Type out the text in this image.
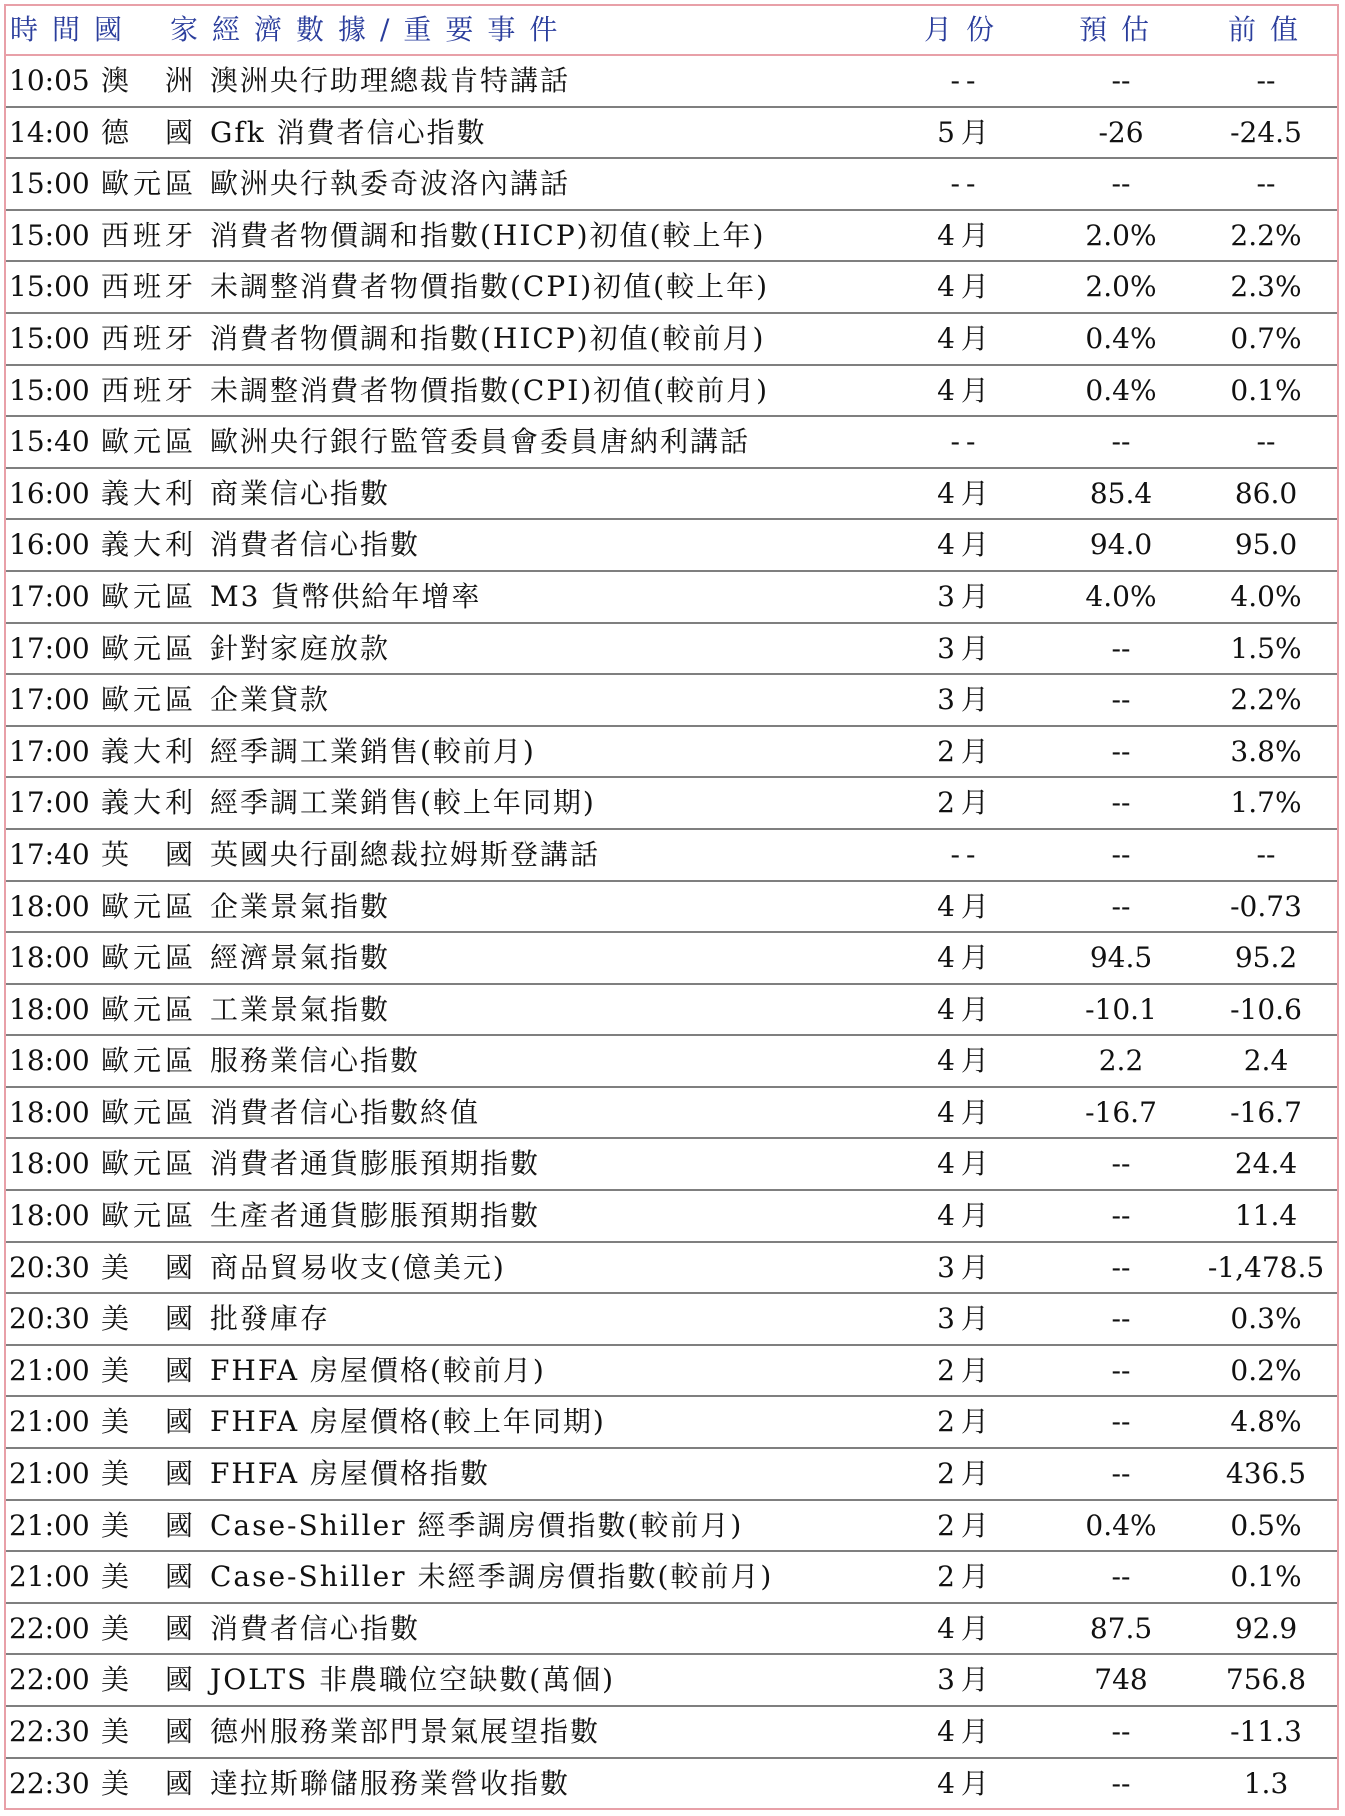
時間國 家經濟數據/重要事件	月份	預估 前值
10:05 澳　洲 澳洲央行助理總裁肯特講話	--	--	--
14:00 德　國 Gfk 消費者信心指數	5月	-26	-24.5
15:00 歐元區 歐洲央行執委奇波洛內講話	--	--	--
15:00 西班牙 消費者物價調和指數(HICP)初值(較上年)	4月	2.0%	2.2%
15:00 西班牙 未調整消費者物價指數(CPI)初值(較上年)	4月	2.0%	2.3%
15:00 西班牙 消費者物價調和指數(HICP)初值(較前月)	4月	0.4%	0.7%
15:00 西班牙 未調整消費者物價指數(CPI)初值(較前月)	4月	0.4%	0.1%
15:40 歐元區 歐洲央行銀行監管委員會委員唐納利講話	--	--	--
16:00 義大利 商業信心指數	4月	85.4	86.0
16:00 義大利 消費者信心指數	4月	94.0	95.0
17:00 歐元區 M3 貨幣供給年增率	3月	4.0%	4.0%
17:00 歐元區 針對家庭放款	3月	--	1.5%
17:00 歐元區 企業貸款	3月	--	2.2%
17:00 義大利 經季調工業銷售(較前月)	2月	--	3.8%
17:00 義大利 經季調工業銷售(較上年同期)	2月	--	1.7%
17:40 英　國 英國央行副總裁拉姆斯登講話	--	--	--
18:00 歐元區 企業景氣指數	4月	--	-0.73
18:00 歐元區 經濟景氣指數	4月	94.5	95.2
18:00 歐元區 工業景氣指數	4月	-10.1	-10.6
18:00 歐元區 服務業信心指數	4月	2.2	2.4
18:00 歐元區 消費者信心指數終值	4月	-16.7	-16.7
18:00 歐元區 消費者通貨膨脹預期指數	4月	--	24.4
18:00 歐元區 生產者通貨膨脹預期指數	4月	--	11.4
20:30 美　國 商品貿易收支(億美元)	3月	--	-1,478.5
20:30 美　國 批發庫存	3月	--	0.3%
21:00 美　國 FHFA 房屋價格(較前月)	2月	--	0.2%
21:00 美　國 FHFA 房屋價格(較上年同期)	2月	--	4.8%
21:00 美　國 FHFA 房屋價格指數	2月	--	436.5
21:00 美　國 Case-Shiller 經季調房價指數(較前月)	2月	0.4%	0.5%
21:00 美　國 Case-Shiller 未經季調房價指數(較前月)	2月	--	0.1%
22:00 美　國 消費者信心指數	4月	87.5	92.9
22:00 美　國 JOLTS 非農職位空缺數(萬個)	3月	748	756.8
22:30 美　國 德州服務業部門景氣展望指數	4月	--	-11.3
22:30 美　國 達拉斯聯儲服務業營收指數	4月	--	1.3
